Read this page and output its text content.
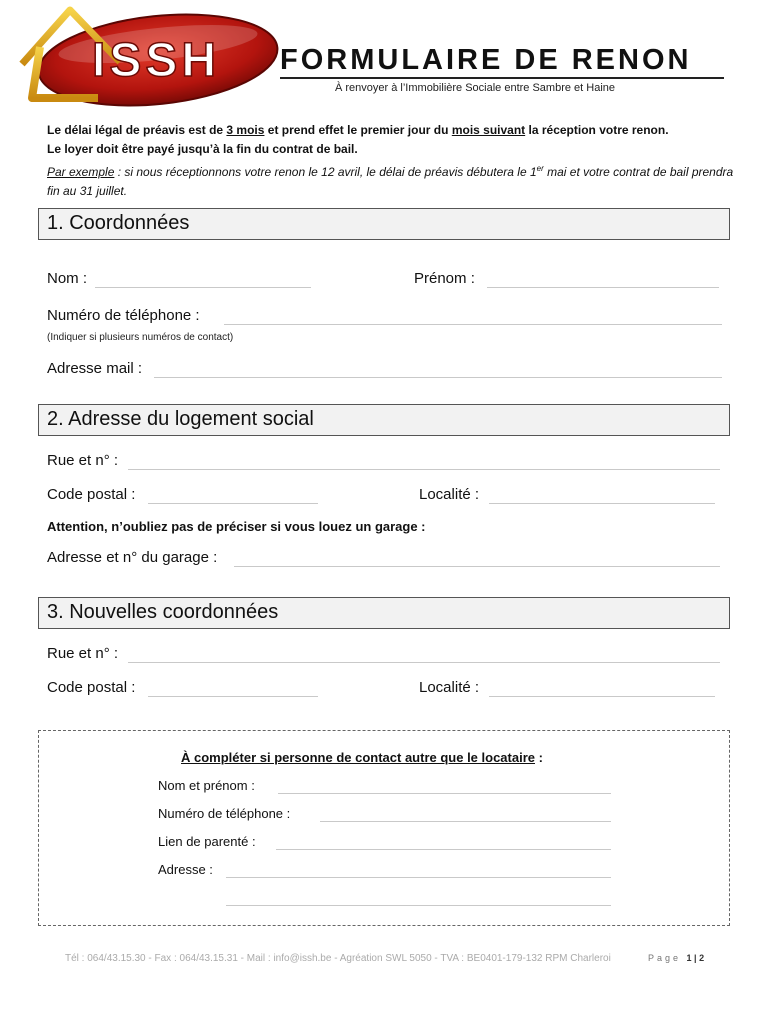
ISSH FORMULAIRE DE RENON
À renvoyer à l’Immobilière Sociale entre Sambre et Haine
Le délai légal de préavis est de 3 mois et prend effet le premier jour du mois suivant la réception votre renon.
Le loyer doit être payé jusqu’à la fin du contrat de bail.
Par exemple : si nous réceptionnons votre renon le 12 avril, le délai de préavis débutera le 1er mai et votre contrat de bail prendra fin au 31 juillet.
1. Coordonnées
Nom :	Prénom :
Numéro de téléphone :
(Indiquer si plusieurs numéros de contact)
Adresse mail :
2. Adresse du logement social
Rue et n° :
Code postal :	Localité :
Attention, n’oubliez pas de préciser si vous louez un garage :
Adresse et n° du garage :
3. Nouvelles coordonnées
Rue et n° :
Code postal :	Localité :
À compléter si personne de contact autre que le locataire :
Nom et prénom :
Numéro de téléphone :
Lien de parenté :
Adresse :
Tél : 064/43.15.30 - Fax : 064/43.15.31 - Mail : info@issh.be - Agréation SWL 5050 - TVA : BE0401-179-132 RPM Charleroi	Page 1 | 2
